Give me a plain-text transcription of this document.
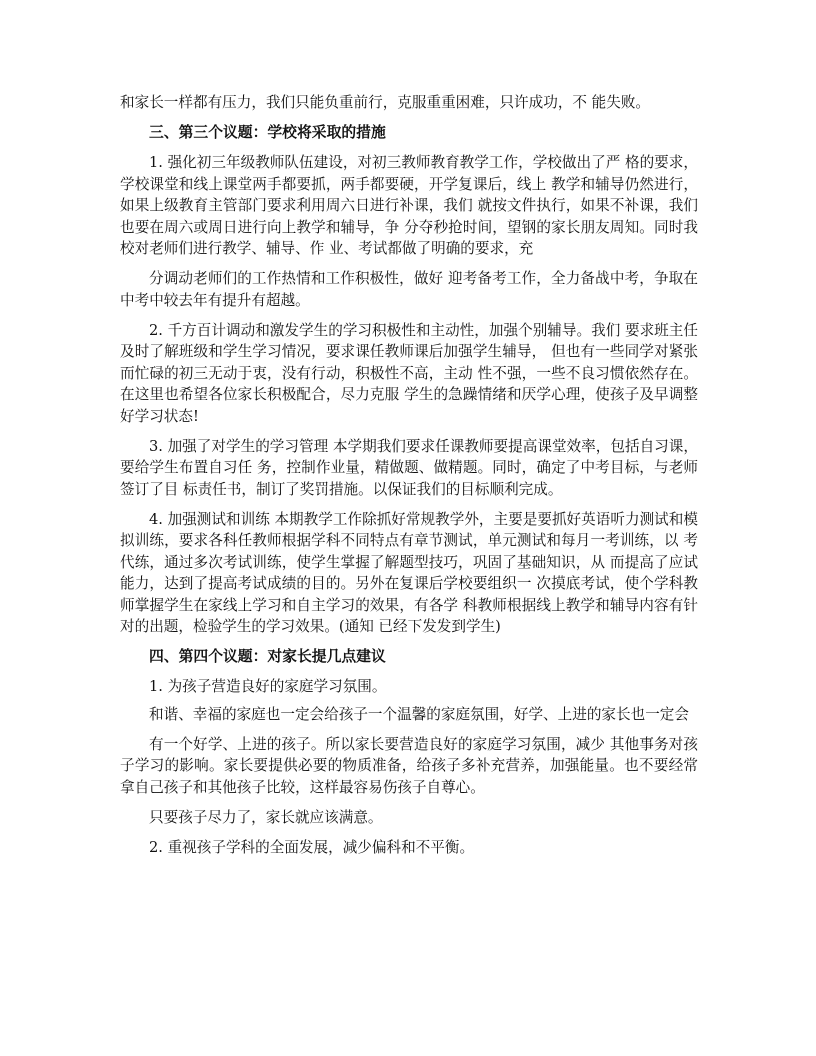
和家长一样都有压力，我们只能负重前行，克服重重困难，只许成功，不 能失败。

三、第三个议题：学校将采取的措施

1. 强化初三年级教师队伍建设，对初三教师教育教学工作，学校做出了严 格的要求，学校课堂和线上课堂两手都要抓，两手都要硬，开学复课后，线上 教学和辅导仍然进行，如果上级教育主管部门要求利用周六日进行补课，我们 就按文件执行，如果不补课，我们也要在周六或周日进行向上教学和辅导，争 分夺秒抢时间，望钢的家长朋友周知。同时我校对老师们进行教学、辅导、作 业、考试都做了明确的要求，充

分调动老师们的工作热情和工作积极性，做好 迎考备考工作，全力备战中考，争取在中考中较去年有提升有超越。

2. 千方百计调动和激发学生的学习积极性和主动性，加强个别辅导。我们 要求班主任及时了解班级和学生学习情况，要求课任教师课后加强学生辅导， 但也有一些同学对紧张而忙碌的初三无动于衷，没有行动，积极性不高，主动 性不强，一些不良习惯依然存在。在这里也希望各位家长积极配合，尽力克服 学生的急躁情绪和厌学心理，使孩子及早调整好学习状态!

3. 加强了对学生的学习管理 本学期我们要求任课教师要提高课堂效率，包括自习课，要给学生布置自习任 务，控制作业量，精做题、做精题。同时，确定了中考目标，与老师签订了目 标责任书，制订了奖罚措施。以保证我们的目标顺利完成。

4. 加强测试和训练 本期教学工作除抓好常规教学外，主要是要抓好英语听力测试和模拟训练，要求各科任教师根据学科不同特点有章节测试，单元测试和每月一考训练，以 考代练，通过多次考试训练，使学生掌握了解题型技巧，巩固了基础知识，从 而提高了应试能力，达到了提高考试成绩的目的。另外在复课后学校要组织一 次摸底考试，使个学科教师掌握学生在家线上学习和自主学习的效果，有各学 科教师根据线上教学和辅导内容有针对的出题，检验学生的学习效果。(通知 已经下发发到学生)

四、第四个议题：对家长提几点建议

1. 为孩子营造良好的家庭学习氛围。

和谐、幸福的家庭也一定会给孩子一个温馨的家庭氛围，好学、上进的家长也一定会

有一个好学、上进的孩子。所以家长要营造良好的家庭学习氛围，减少 其他事务对孩子学习的影响。家长要提供必要的物质准备，给孩子多补充营养，加强能量。也不要经常拿自己孩子和其他孩子比较，这样最容易伤孩子自尊心。

只要孩子尽力了，家长就应该满意。

2. 重视孩子学科的全面发展，减少偏科和不平衡。
